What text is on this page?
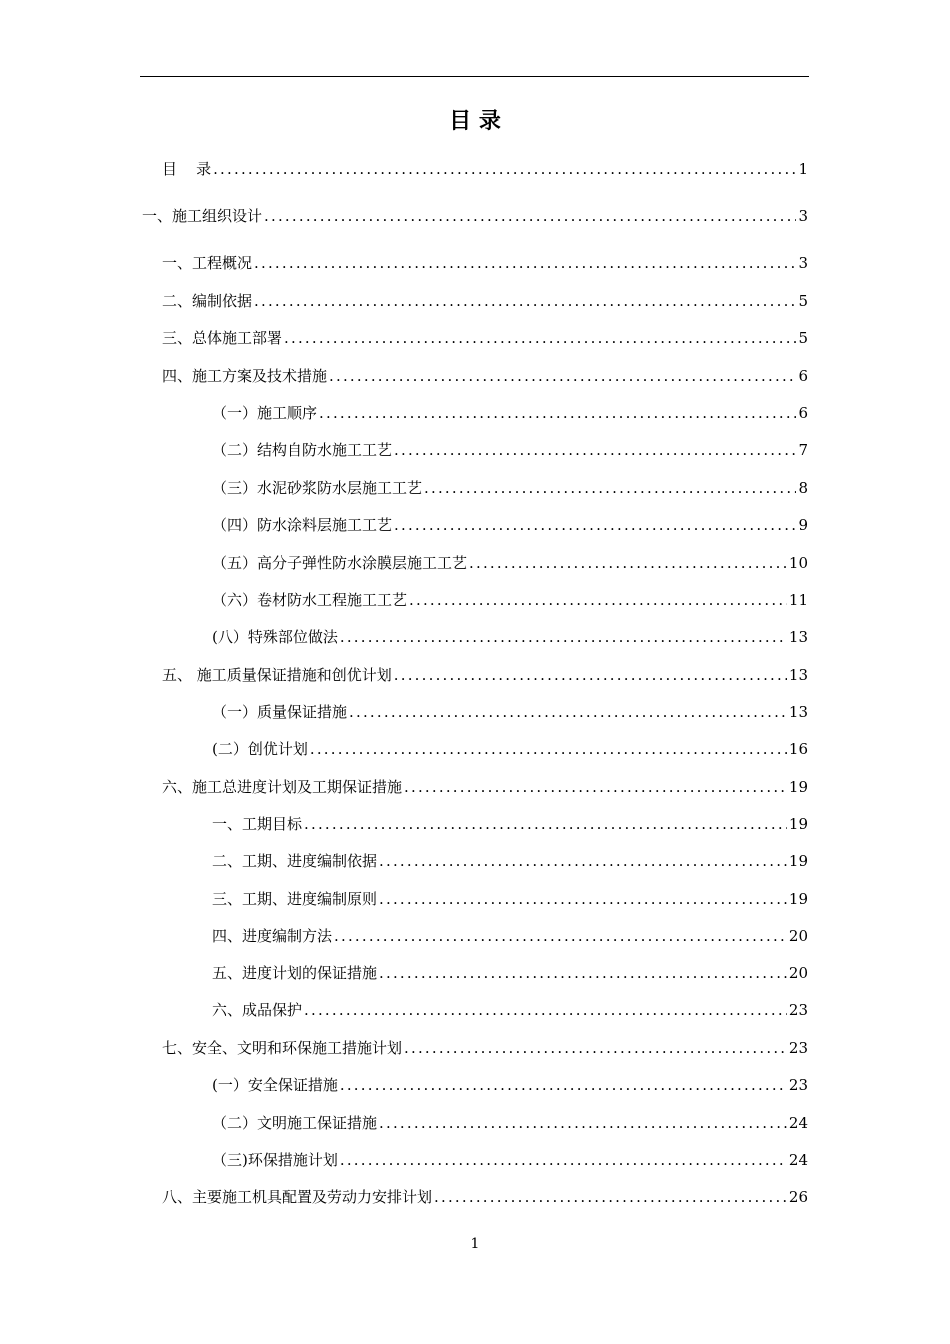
目 录
目    录 .....	1
一、施工组织设计 .....	3
一、工程概况 .....	3
二、编制依据 .....	5
三、总体施工部署 .....	5
四、施工方案及技术措施 .....	6
（一）施工顺序 .....	6
（二）结构自防水施工工艺 .....	7
（三）水泥砂浆防水层施工工艺 .....	8
（四）防水涂料层施工工艺 .....	9
（五）高分子弹性防水涂膜层施工工艺 .....	10
（六）卷材防水工程施工工艺 .....	11
(八）特殊部位做法 .....	13
五、 施工质量保证措施和创优计划 .....	13
（一）质量保证措施 .....	13
(二）创优计划 .....	16
六、施工总进度计划及工期保证措施 .....	19
一、工期目标 .....	19
二、工期、进度编制依据 .....	19
三、工期、进度编制原则 .....	19
四、进度编制方法 .....	20
五、进度计划的保证措施 .....	20
六、成品保护 .....	23
七、安全、文明和环保施工措施计划 .....	23
(一）安全保证措施 .....	23
（二）文明施工保证措施 .....	24
（三)环保措施计划 .....	24
八、主要施工机具配置及劳动力安排计划 .....	26
1
